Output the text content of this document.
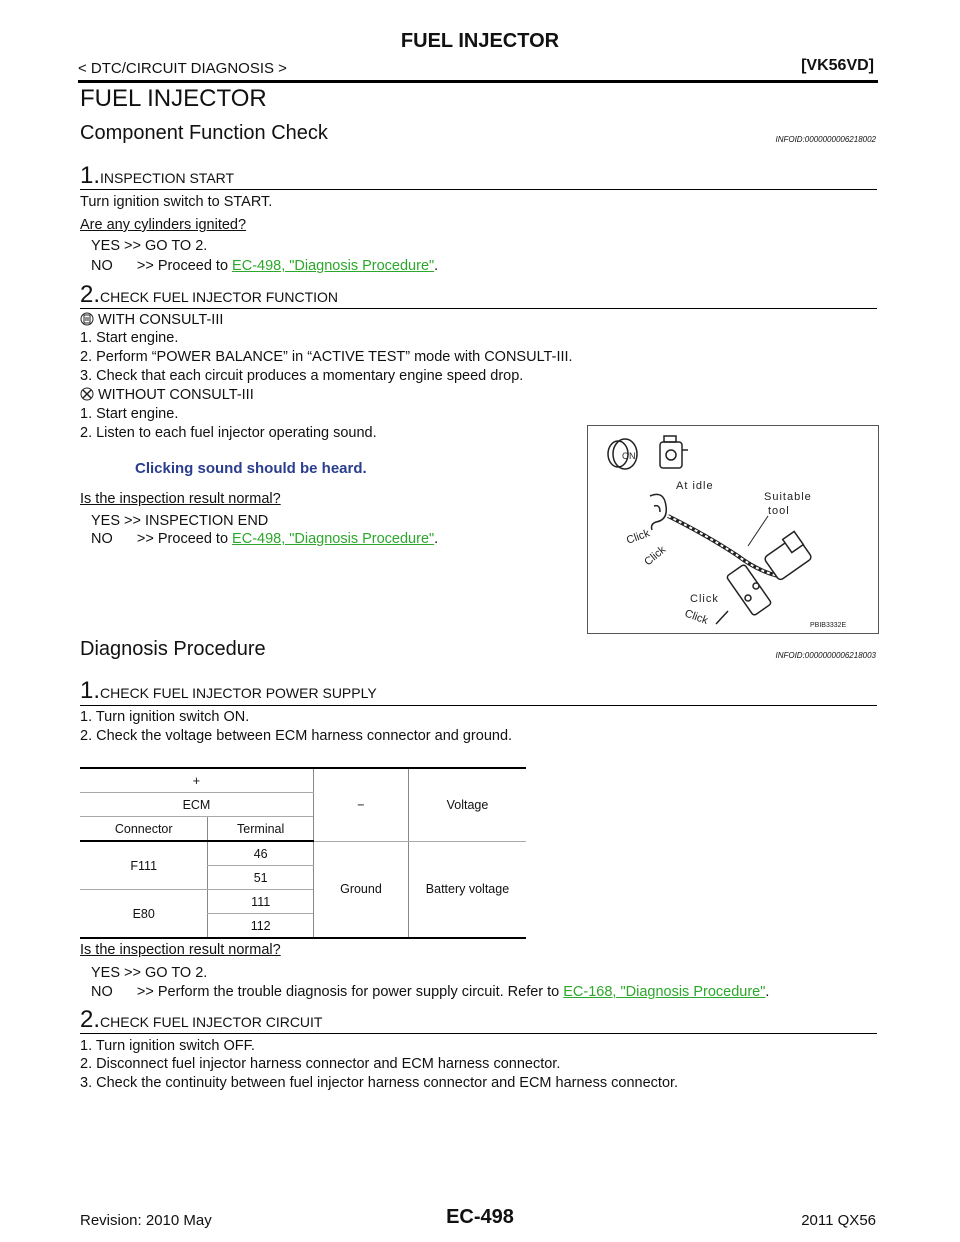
FUEL INJECTOR
< DTC/CIRCUIT DIAGNOSIS >	[VK56VD]
FUEL INJECTOR
Component Function Check	INFOID:0000000006218002
1.INSPECTION START
Turn ignition switch to START.
Are any cylinders ignited?
YES >> GO TO 2.
NO      >> Proceed to EC-498, "Diagnosis Procedure".
2.CHECK FUEL INJECTOR FUNCTION
WITH CONSULT-III
1. Start engine.
2. Perform “POWER BALANCE” in “ACTIVE TEST” mode with CONSULT-III.
3. Check that each circuit produces a momentary engine speed drop.
WITHOUT CONSULT-III
1. Start engine.
2. Listen to each fuel injector operating sound.
Clicking sound should be heard.
Is the inspection result normal?
YES >> INSPECTION END
NO      >> Proceed to EC-498, "Diagnosis Procedure".
ON
At idle
Suitable
tool
Click
Click
Click
Click	PBIB3332E
Diagnosis Procedure	INFOID:0000000006218003
1.CHECK FUEL INJECTOR POWER SUPPLY
1. Turn ignition switch ON.
2. Check the voltage between ECM harness connector and ground.
+		−	Voltage
ECM			
Connector	Terminal		
F111	46	Ground	Battery voltage
	51		
E80	111		
	112		
Is the inspection result normal?
YES >> GO TO 2.
NO      >> Perform the trouble diagnosis for power supply circuit. Refer to EC-168, "Diagnosis Procedure".
2.CHECK FUEL INJECTOR CIRCUIT
1. Turn ignition switch OFF.
2. Disconnect fuel injector harness connector and ECM harness connector.
3. Check the continuity between fuel injector harness connector and ECM harness connector.
Revision: 2010 May	EC-498	2011 QX56
